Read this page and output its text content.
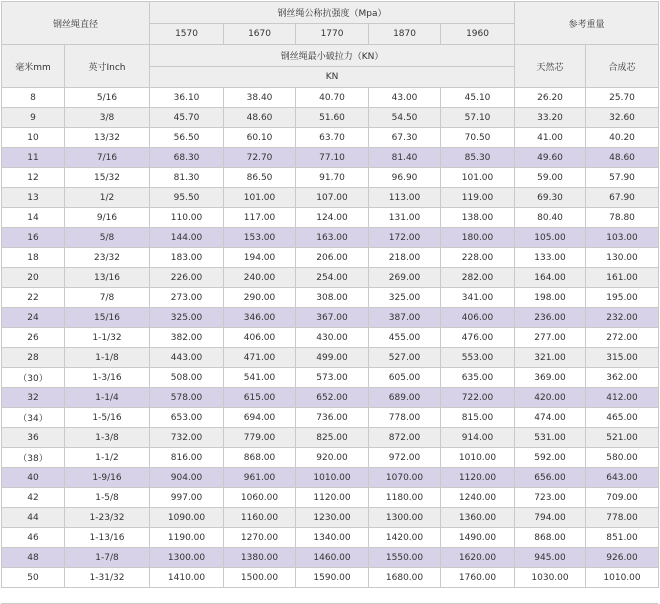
钢丝绳直径		钢丝绳公称抗强度（Mpa）					参考重量	
		1570	1670	1770	1870	1960		
毫米mm	英寸Inch	钢丝绳最小破拉力（KN）					天然芯	合成芯
		KN						
8	5/16	36.10	38.40	40.70	43.00	45.10	26.20	25.70
9	3/8	45.70	48.60	51.60	54.50	57.10	33.20	32.60
10	13/32	56.50	60.10	63.70	67.30	70.50	41.00	40.20
11	7/16	68.30	72.70	77.10	81.40	85.30	49.60	48.60
12	15/32	81.30	86.50	91.70	96.90	101.00	59.00	57.90
13	1/2	95.50	101.00	107.00	113.00	119.00	69.30	67.90
14	9/16	110.00	117.00	124.00	131.00	138.00	80.40	78.80
16	5/8	144.00	153.00	163.00	172.00	180.00	105.00	103.00
18	23/32	183.00	194.00	206.00	218.00	228.00	133.00	130.00
20	13/16	226.00	240.00	254.00	269.00	282.00	164.00	161.00
22	7/8	273.00	290.00	308.00	325.00	341.00	198.00	195.00
24	15/16	325.00	346.00	367.00	387.00	406.00	236.00	232.00
26	1-1/32	382.00	406.00	430.00	455.00	476.00	277.00	272.00
28	1-1/8	443.00	471.00	499.00	527.00	553.00	321.00	315.00
（30）	1-3/16	508.00	541.00	573.00	605.00	635.00	369.00	362.00
32	1-1/4	578.00	615.00	652.00	689.00	722.00	420.00	412.00
（34）	1-5/16	653.00	694.00	736.00	778.00	815.00	474.00	465.00
36	1-3/8	732.00	779.00	825.00	872.00	914.00	531.00	521.00
（38）	1-1/2	816.00	868.00	920.00	972.00	1010.00	592.00	580.00
40	1-9/16	904.00	961.00	1010.00	1070.00	1120.00	656.00	643.00
42	1-5/8	997.00	1060.00	1120.00	1180.00	1240.00	723.00	709.00
44	1-23/32	1090.00	1160.00	1230.00	1300.00	1360.00	794.00	778.00
46	1-13/16	1190.00	1270.00	1340.00	1420.00	1490.00	868.00	851.00
48	1-7/8	1300.00	1380.00	1460.00	1550.00	1620.00	945.00	926.00
50	1-31/32	1410.00	1500.00	1590.00	1680.00	1760.00	1030.00	1010.00
